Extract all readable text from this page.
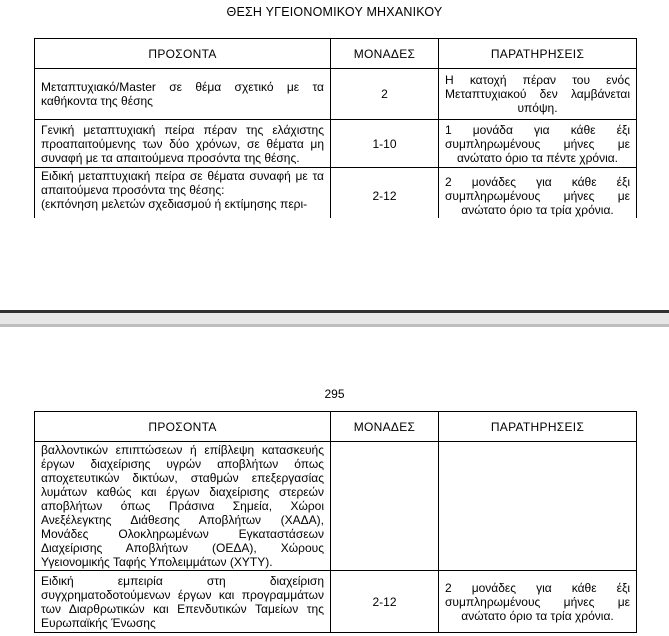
ΘΕΣΗ ΥΓΕΙΟΝΟΜΙΚΟΥ ΜΗΧΑΝΙΚΟΥ
ΠΡΟΣΟΝΤΑ	ΜΟΝΑΔΕΣ	ΠΑΡΑΤΗΡΗΣΕΙΣ
Μεταπτυχιακό/Master σε θέμα σχετικό με τα καθήκοντα της θέσης	2	Η κατοχή πέραν του ενός Μεταπτυχιακού δεν λαμβάνεται υπόψη.
Γενική μεταπτυχιακή πείρα πέραν της ελάχιστης προαπαιτούμενης των δύο χρόνων, σε θέματα μη συναφή με τα απαιτούμενα προσόντα της θέσης.	1-10	1 μονάδα για κάθε έξι συμπληρωμένους μήνες με ανώτατο όριο τα πέντε χρόνια.

Ειδική μεταπτυχιακή πείρα σε θέματα συναφή με τα απαιτούμενα προσόντα της θέσης:
(εκπόνηση μελετών σχεδιασμού ή εκτίμησης περι-	2-12	2 μονάδες για κάθε έξι συμπληρωμένους μήνες με ανώτατο όριο τα τρία χρόνια.
295
ΠΡΟΣΟΝΤΑ	ΜΟΝΑΔΕΣ	ΠΑΡΑΤΗΡΗΣΕΙΣ
βαλλοντικών επιπτώσεων ή επίβλεψη κατασκευής έργων διαχείρισης υγρών αποβλήτων όπως αποχετευτικών δικτύων, σταθμών επεξεργασίας λυμάτων καθώς και έργων διαχείρισης στερεών αποβλήτων όπως Πράσινα Σημεία, Χώροι Ανεξέλεγκτης Διάθεσης Αποβλήτων (ΧΑΔΑ), Μονάδες Ολοκληρωμένων Εγκαταστάσεων Διαχείρισης Αποβλήτων (ΟΕΔΑ), Χώρους Υγειονομικής Ταφής Υπολειμμάτων (ΧΥΤΥ).		
Ειδική εμπειρία στη διαχείριση συγχρηματοδοτούμενων έργων και προγραμμάτων των Διαρθρωτικών και Επενδυτικών Ταμείων της Ευρωπαϊκής Ένωσης	2-12	2 μονάδες για κάθε έξι συμπληρωμένους μήνες με ανώτατο όριο τα τρία χρόνια.
